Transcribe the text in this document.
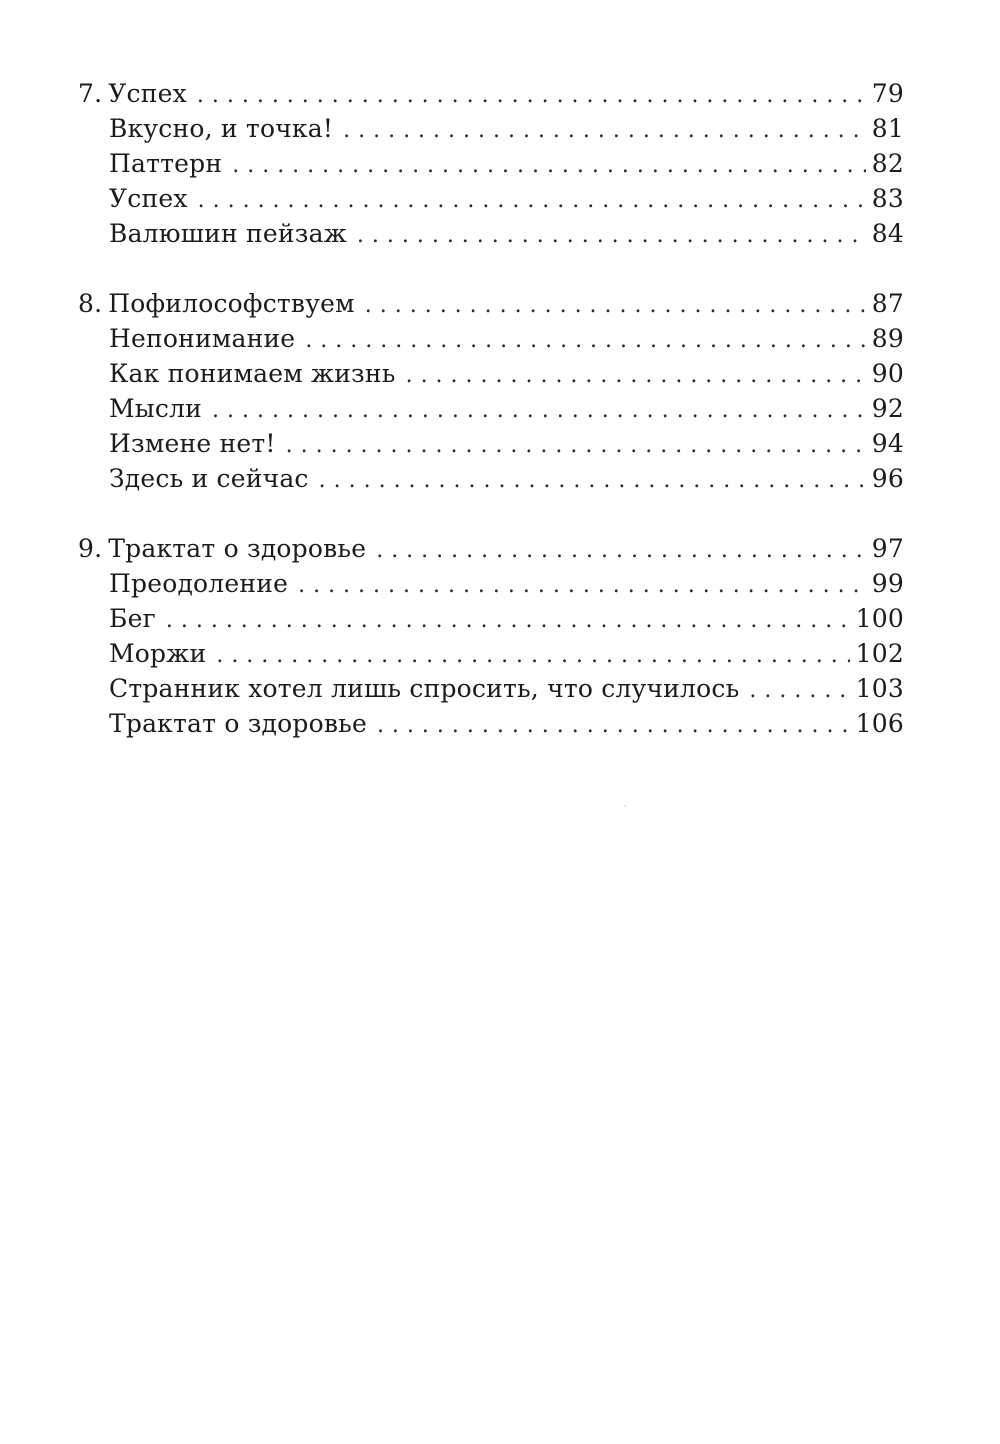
7. Успех . . .	79
Вкусно, и точка! . . .	81
Паттерн . . .	82
Успех . . .	83
Валюшин пейзаж . . .	84
8. Пофилософствуем . . .	87
Непонимание . . .	89
Как понимаем жизнь . . .	90
Мысли . . .	92
Измене нет! . . .	94
Здесь и сейчас . . .	96
9. Трактат о здоровье . . .	97
Преодоление . . .	99
Бег . . .	100
Моржи . . .	102
Странник хотел лишь спросить, что случилось . . .	103
Трактат о здоровье . . .	106
